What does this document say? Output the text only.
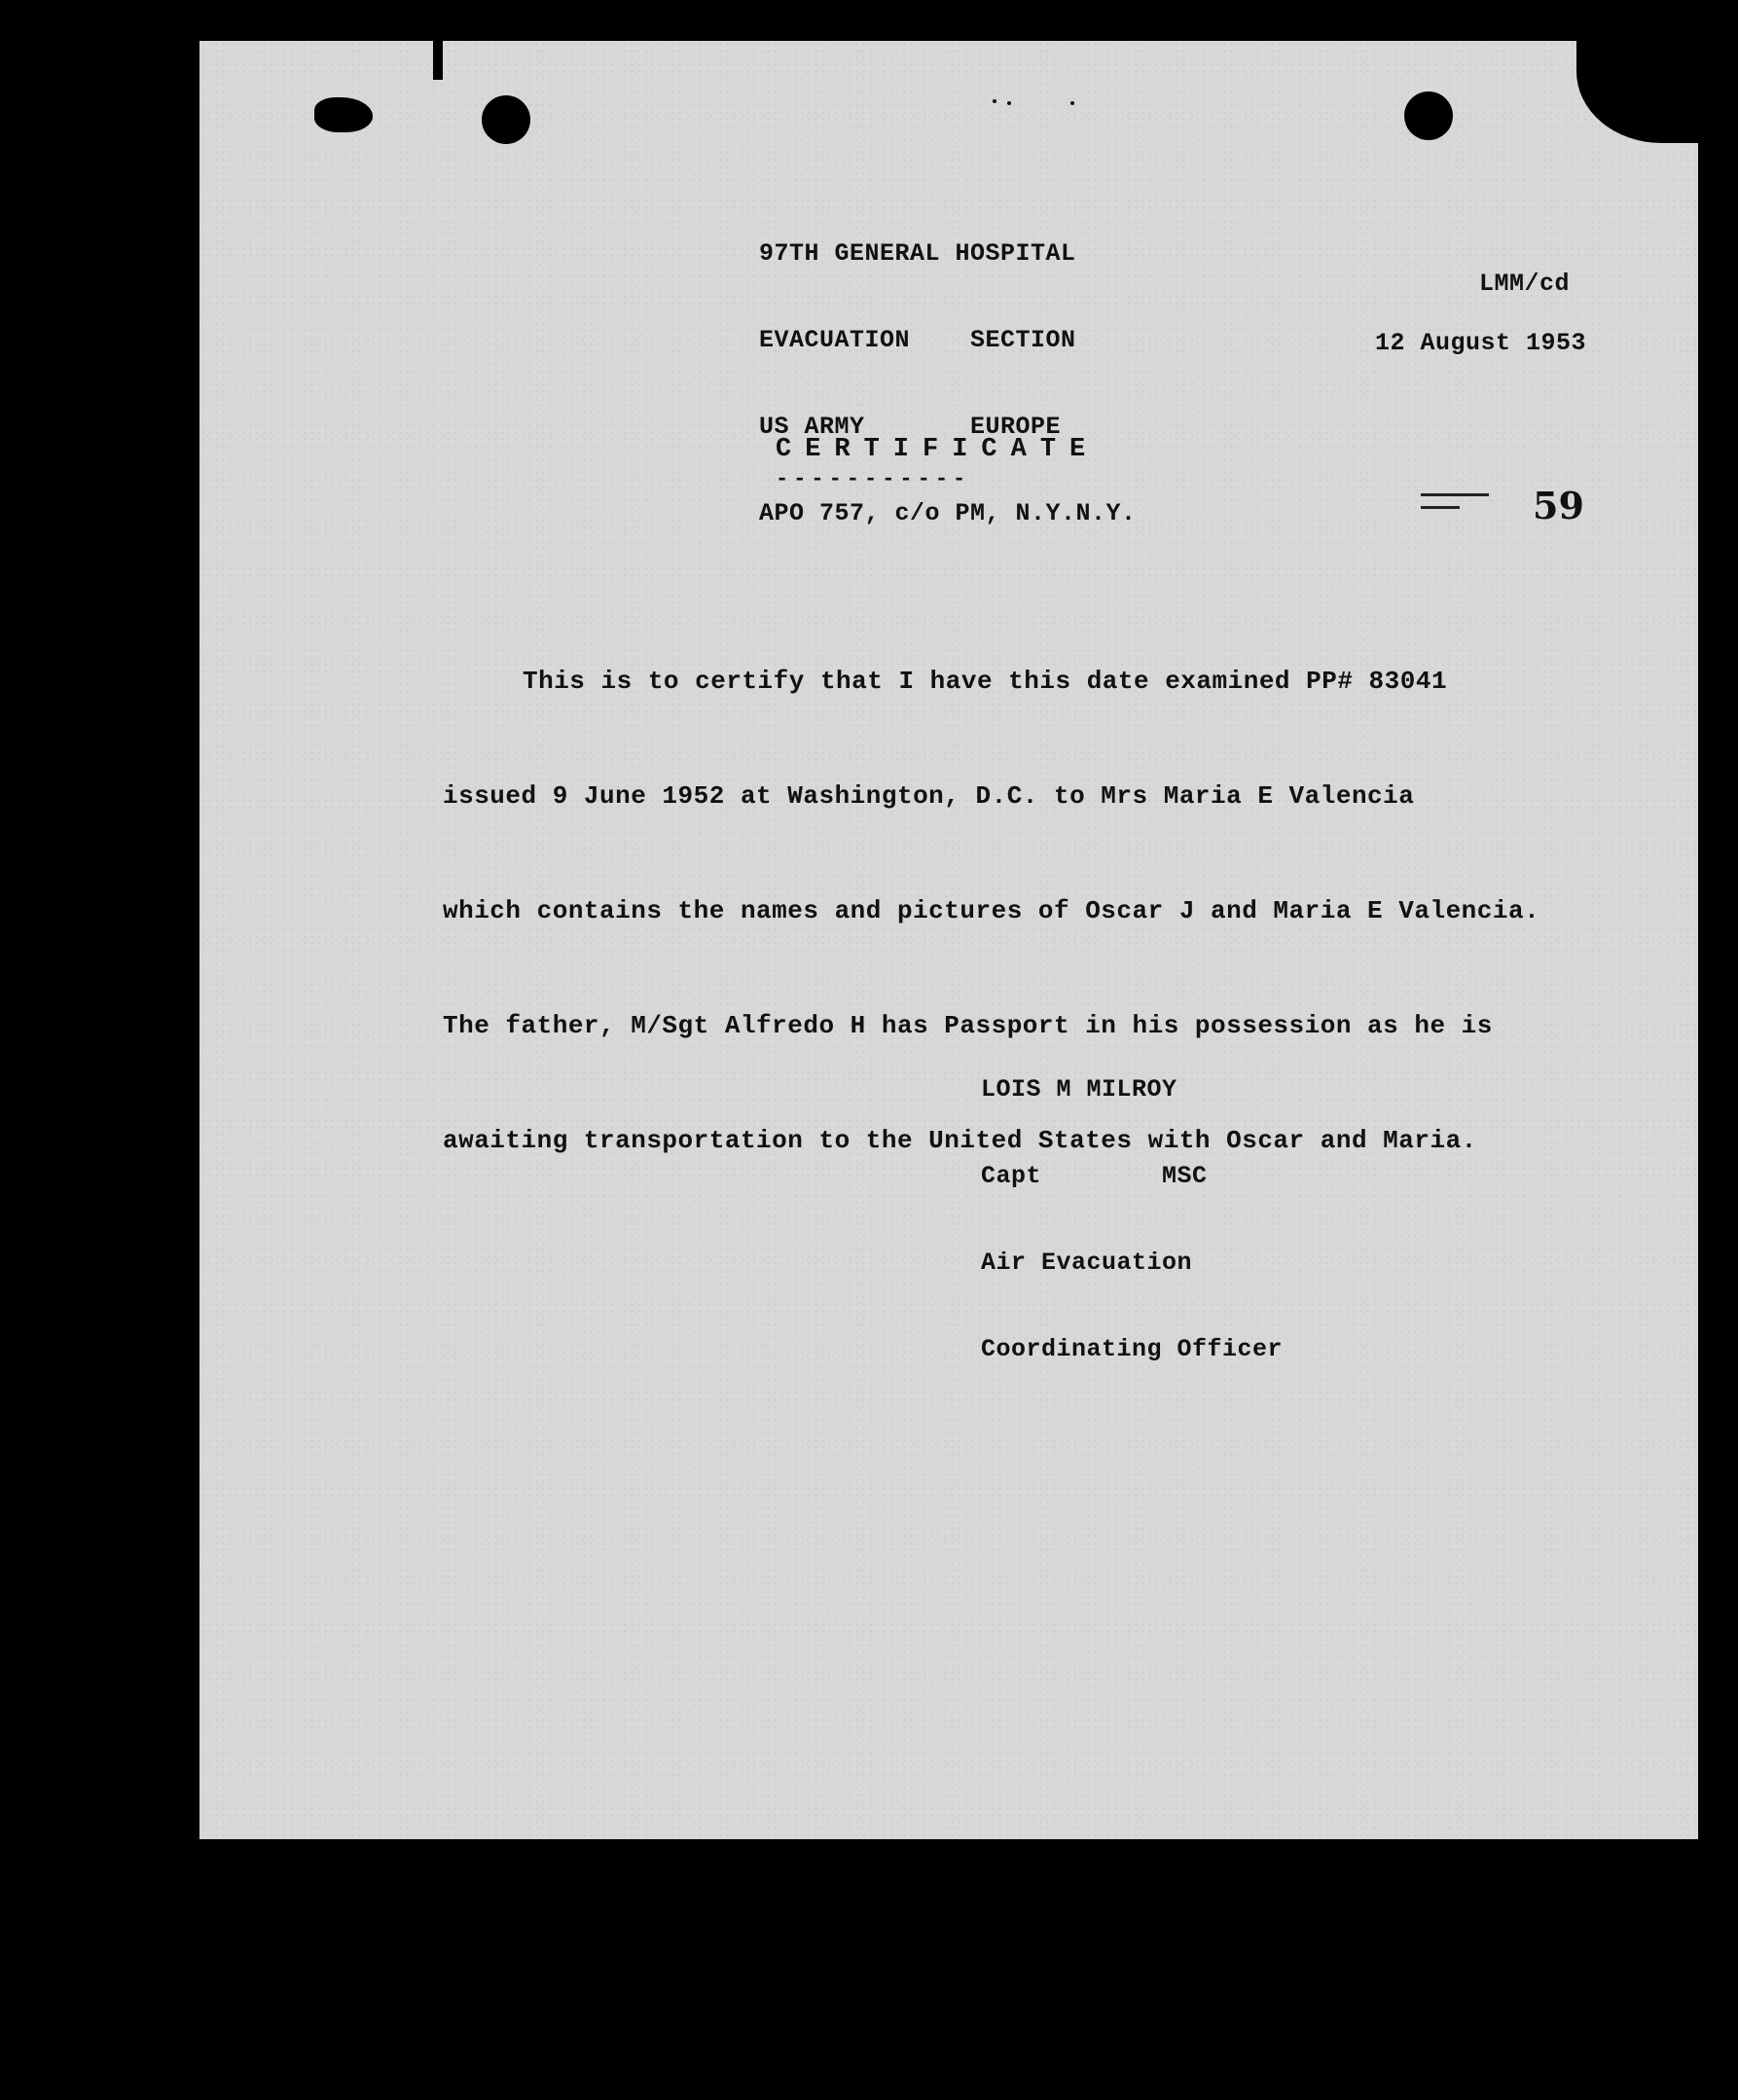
97TH GENERAL HOSPITAL

EVACUATION    SECTION

US ARMY       EUROPE

APO 757, c/o PM, N.Y.N.Y.

LMM/cd
12 August 1953
CERTIFICATE
-----------
59

This is to certify that I have this date examined PP# 83041

issued 9 June 1952 at Washington, D.C. to Mrs Maria E Valencia

which contains the names and pictures of Oscar J and Maria E Valencia.

The father, M/Sgt Alfredo H has Passport in his possession as he is

awaiting transportation to the United States with Oscar and Maria.

LOIS M MILROY

Capt        MSC

Air Evacuation

Coordinating Officer
